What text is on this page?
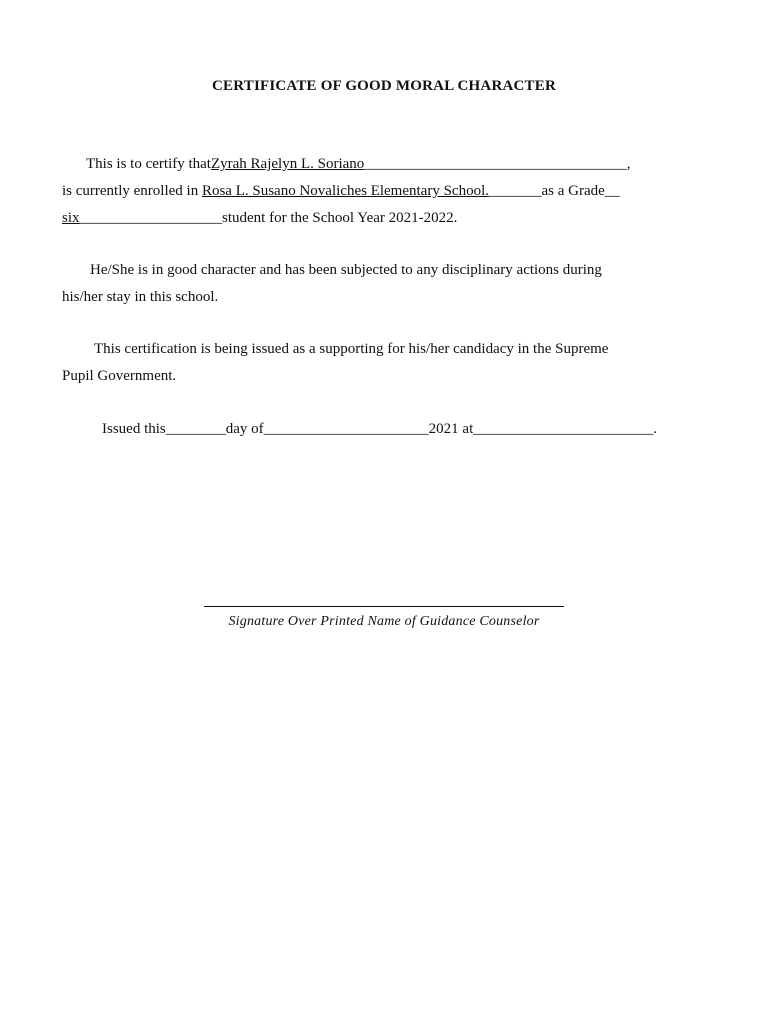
CERTIFICATE OF GOOD MORAL CHARACTER
This is to certify thatZyrah Rajelyn L. Soriano___________________________________,
is currently enrolled in Rosa L. Susano Novaliches Elementary School._______as a Grade__
six___________________student for the School Year 2021-2022.
He/She is in good character and has been subjected to any disciplinary actions during
his/her stay in this school.
This certification is being issued as a supporting for his/her candidacy in the Supreme
Pupil Government.
Issued this________day of______________________2021 at________________________.
Signature Over Printed Name of Guidance Counselor
